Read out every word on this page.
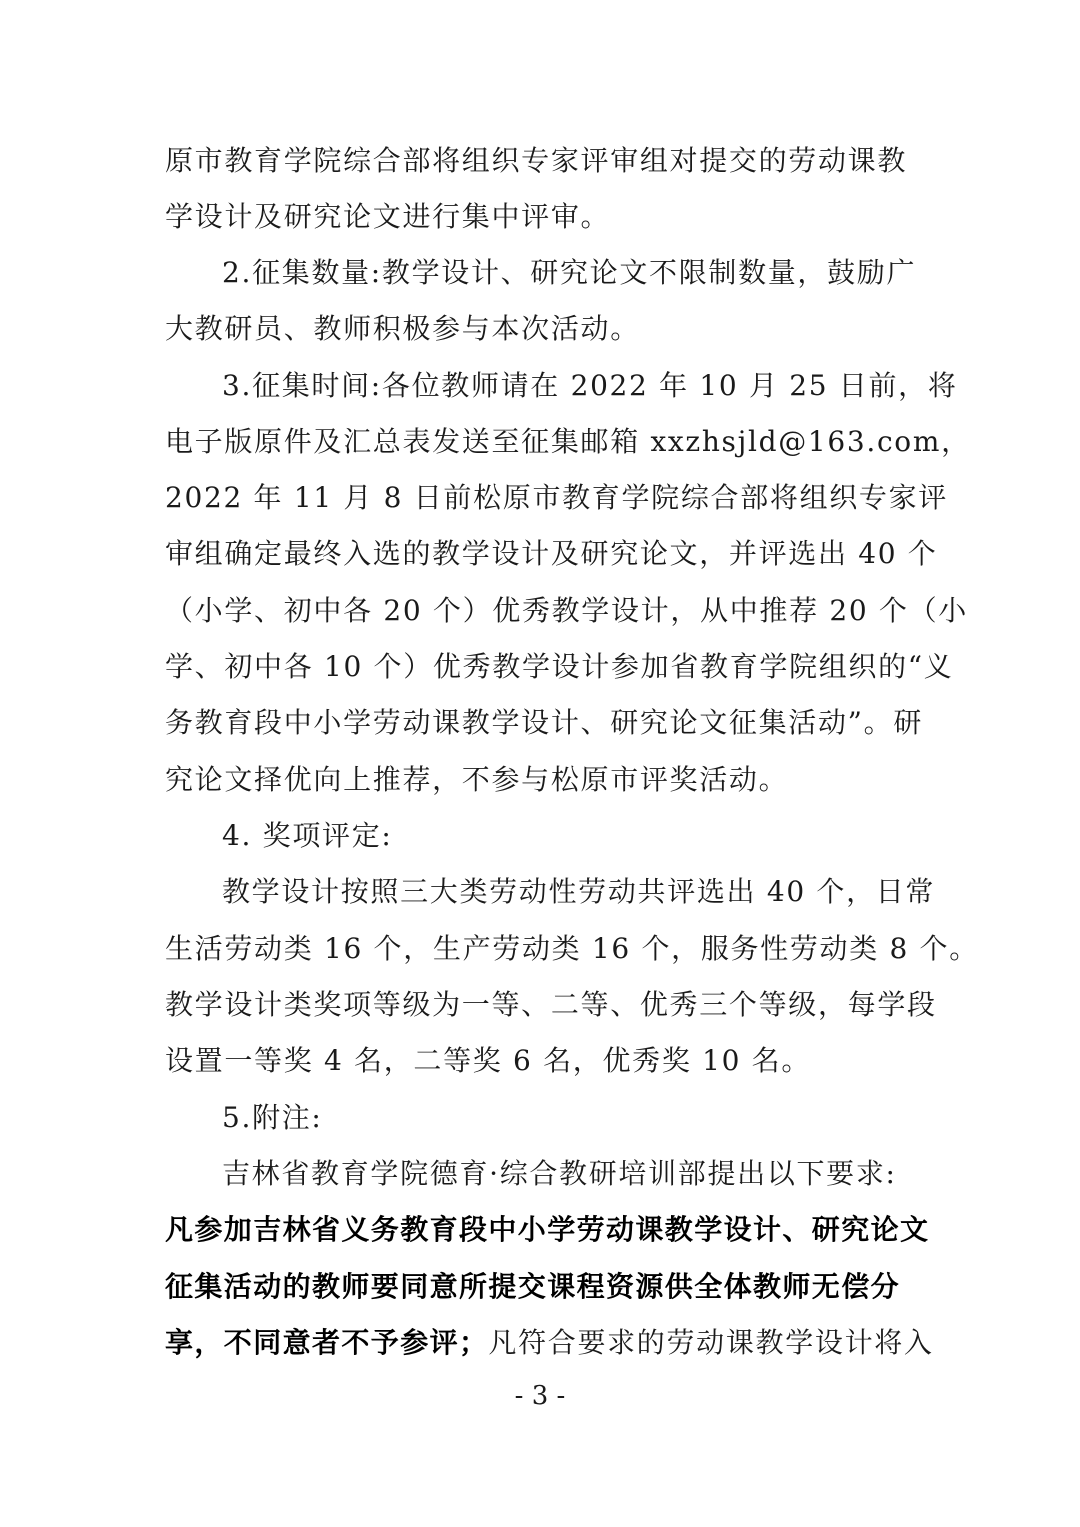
原市教育学院综合部将组织专家评审组对提交的劳动课教
学设计及研究论文进行集中评审。
2.征集数量:教学设计、研究论文不限制数量，鼓励广
大教研员、教师积极参与本次活动。
3.征集时间:各位教师请在 2022 年 10 月 25 日前，将
电子版原件及汇总表发送至征集邮箱 xxzhsjld@163.com，
2022 年 11 月 8 日前松原市教育学院综合部将组织专家评
审组确定最终入选的教学设计及研究论文，并评选出 40 个
（小学、初中各 20 个）优秀教学设计，从中推荐 20 个（小
学、初中各 10 个）优秀教学设计参加省教育学院组织的“义
务教育段中小学劳动课教学设计、研究论文征集活动”。研
究论文择优向上推荐，不参与松原市评奖活动。
4. 奖项评定:
教学设计按照三大类劳动性劳动共评选出 40 个，日常
生活劳动类 16 个，生产劳动类 16 个，服务性劳动类 8 个。
教学设计类奖项等级为一等、二等、优秀三个等级，每学段
设置一等奖 4 名，二等奖 6 名，优秀奖 10 名。
5.附注:
吉林省教育学院德育·综合教研培训部提出以下要求:
凡参加吉林省义务教育段中小学劳动课教学设计、研究论文
征集活动的教师要同意所提交课程资源供全体教师无偿分
享，不同意者不予参评；凡符合要求的劳动课教学设计将入
- 3 -
